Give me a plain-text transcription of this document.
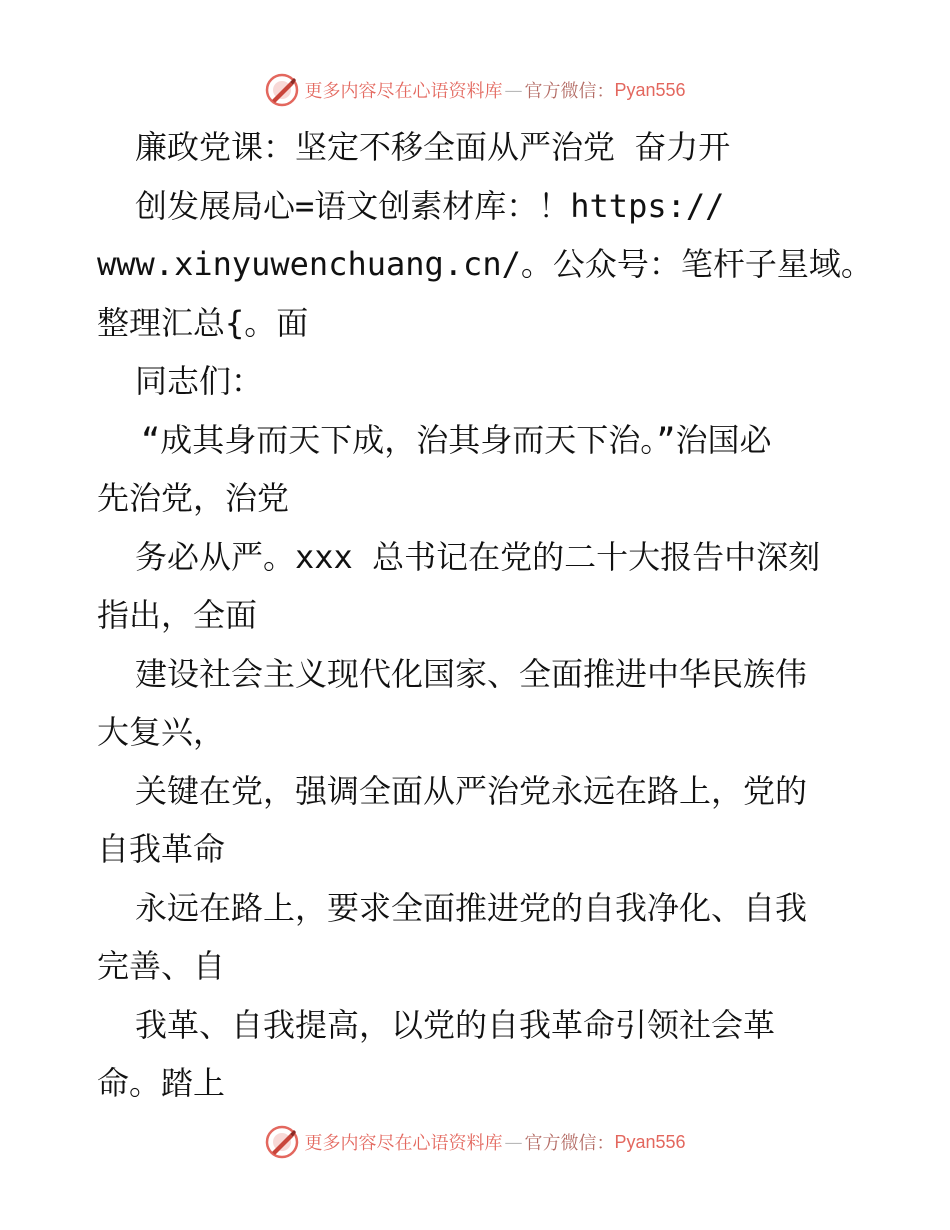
更多内容尽在心语资料库 — 官方微信： Pyan556
廉政党课：坚定不移全面从严治党 奋力开
创发展局心=语文创素材库：！https://
www.xinyuwenchuang.cn/。公众号：笔杆子星域。
整理汇总{。面
同志们：
“成其身而天下成，治其身而天下治。”治国必
先治党，治党
务必从严。xxx 总书记在党的二十大报告中深刻
指出，全面
建设社会主义现代化国家、全面推进中华民族伟
大复兴，
关键在党，强调全面从严治党永远在路上，党的
自我革命
永远在路上，要求全面推进党的自我净化、自我
完善、自
我革、自我提高，以党的自我革命引领社会革
命。踏上
更多内容尽在心语资料库 — 官方微信： Pyan556
